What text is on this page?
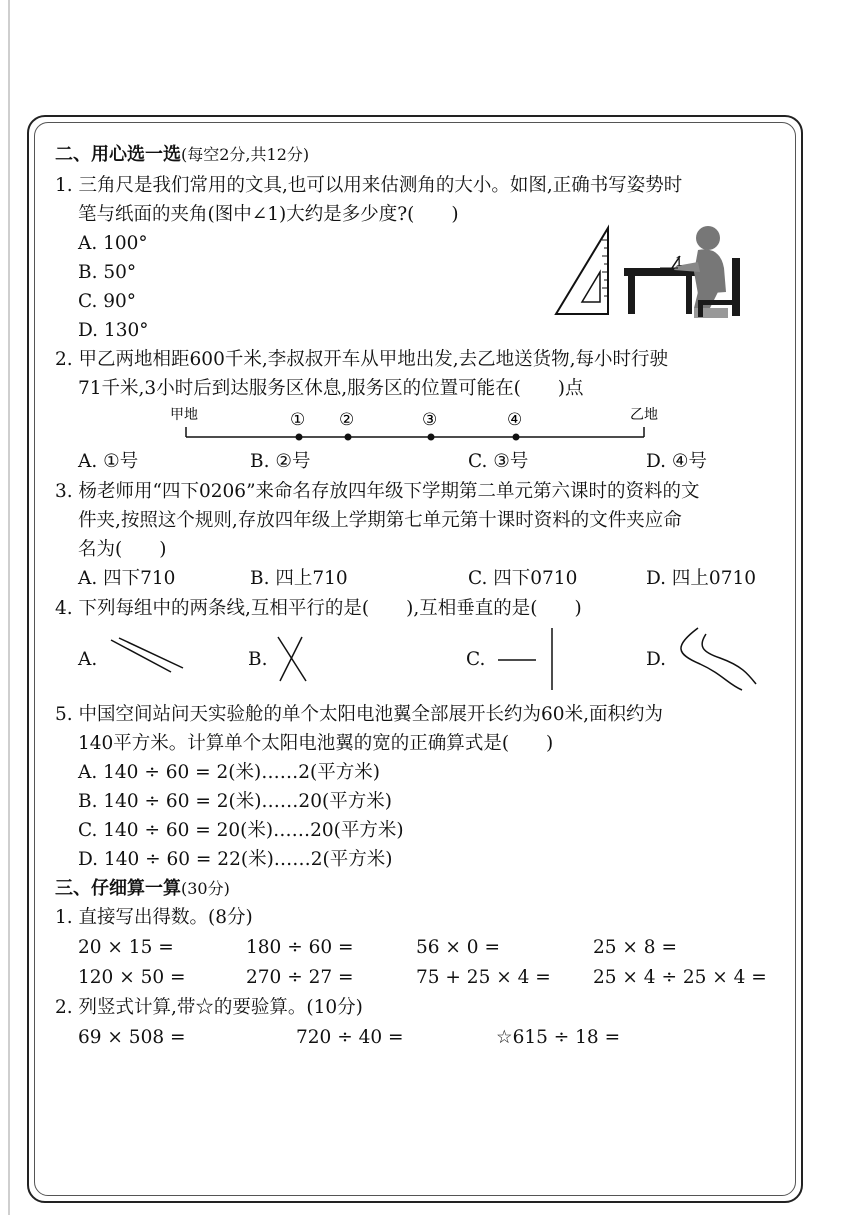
二、用心选一选(每空2分,共12分)
1. 三角尺是我们常用的文具,也可以用来估测角的大小。如图,正确书写姿势时
笔与纸面的夹角(图中∠1)大约是多少度?(　　)
A. 100°
B. 50°
C. 90°
D. 130°
1
2. 甲乙两地相距600千米,李叔叔开车从甲地出发,去乙地送货物,每小时行驶
71千米,3小时后到达服务区休息,服务区的位置可能在(　　)点
甲地	乙地
① ②	③	④
A. ①号	B. ②号	C. ③号	D. ④号
3. 杨老师用“四下0206”来命名存放四年级下学期第二单元第六课时的资料的文
件夹,按照这个规则,存放四年级上学期第七单元第十课时资料的文件夹应命
名为(　　)
A. 四下710	B. 四上710	C. 四下0710	D. 四上0710
4. 下列每组中的两条线,互相平行的是(　　),互相垂直的是(　　)
A.	B.	C.	D.
5. 中国空间站问天实验舱的单个太阳电池翼全部展开长约为60米,面积约为
140平方米。计算单个太阳电池翼的宽的正确算式是(　　)
A. 140 ÷ 60 = 2(米)……2(平方米)
B. 140 ÷ 60 = 2(米)……20(平方米)
C. 140 ÷ 60 = 20(米)……20(平方米)
D. 140 ÷ 60 = 22(米)……2(平方米)
三、仔细算一算(30分)
1. 直接写出得数。(8分)
20 × 15 =	180 ÷ 60 =	56 × 0 =	25 × 8 =
120 × 50 =	270 ÷ 27 =	75 + 25 × 4 = 25 × 4 ÷ 25 × 4 =
2. 列竖式计算,带☆的要验算。(10分)
69 × 508 =	720 ÷ 40 =	☆615 ÷ 18 =
